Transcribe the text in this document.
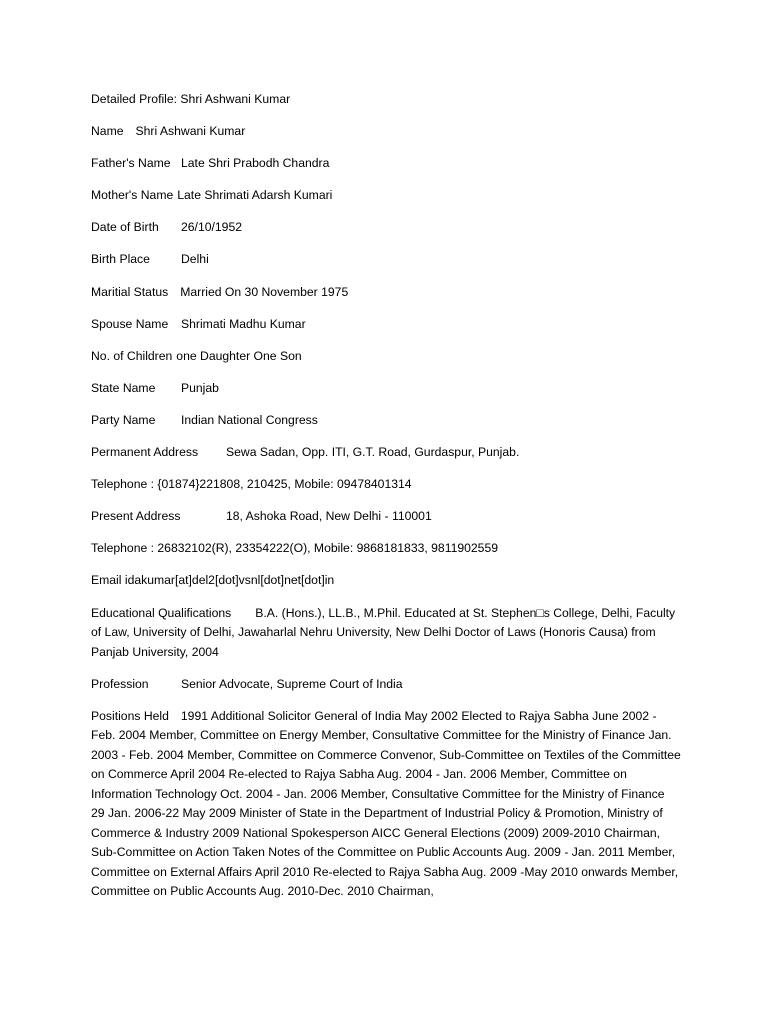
Detailed Profile: Shri Ashwani Kumar

Name Shri Ashwani Kumar
Father's Name Late Shri Prabodh Chandra
Mother's Name Late Shrimati Adarsh Kumari
Date of Birth	26/10/1952
Birth Place	Delhi
Maritial Status Married On 30 November 1975
Spouse Name	Shrimati Madhu Kumar
No. of Children one Daughter One Son
State Name	Punjab
Party Name	Indian National Congress
Permanent Address	Sewa Sadan, Opp. ITI, G.T. Road, Gurdaspur, Punjab.

Telephone : {01874}221808, 210425, Mobile: 09478401314

Present Address	18, Ashoka Road, New Delhi - 110001

Telephone : 26832102(R), 23354222(O), Mobile: 9868181833, 9811902559

Email idakumar[at]del2[dot]vsnl[dot]net[dot]in

Educational Qualifications B.A. (Hons.), LL.B., M.Phil. Educated at St. Stephen□s College, Delhi, Faculty of Law, University of Delhi, Jawaharlal Nehru University, New Delhi Doctor of Laws (Honoris Causa) from Panjab University, 2004

Profession	Senior Advocate, Supreme Court of India

Positions Held 1991 Additional Solicitor General of India May 2002 Elected to Rajya Sabha June 2002 - Feb. 2004 Member, Committee on Energy Member, Consultative Committee for the Ministry of Finance Jan. 2003 - Feb. 2004 Member, Committee on Commerce Convenor, Sub-Committee on Textiles of the Committee on Commerce April 2004 Re-elected to Rajya Sabha Aug. 2004 - Jan. 2006 Member, Committee on Information Technology Oct. 2004 - Jan. 2006 Member, Consultative Committee for the Ministry of Finance 29 Jan. 2006-22 May 2009 Minister of State in the Department of Industrial Policy & Promotion, Ministry of Commerce & Industry 2009 National Spokesperson AICC General Elections (2009) 2009-2010 Chairman, Sub-Committee on Action Taken Notes of the Committee on Public Accounts Aug. 2009 - Jan. 2011 Member, Committee on External Affairs April 2010 Re-elected to Rajya Sabha Aug. 2009 -May 2010 onwards Member, Committee on Public Accounts Aug. 2010-Dec. 2010 Chairman,
